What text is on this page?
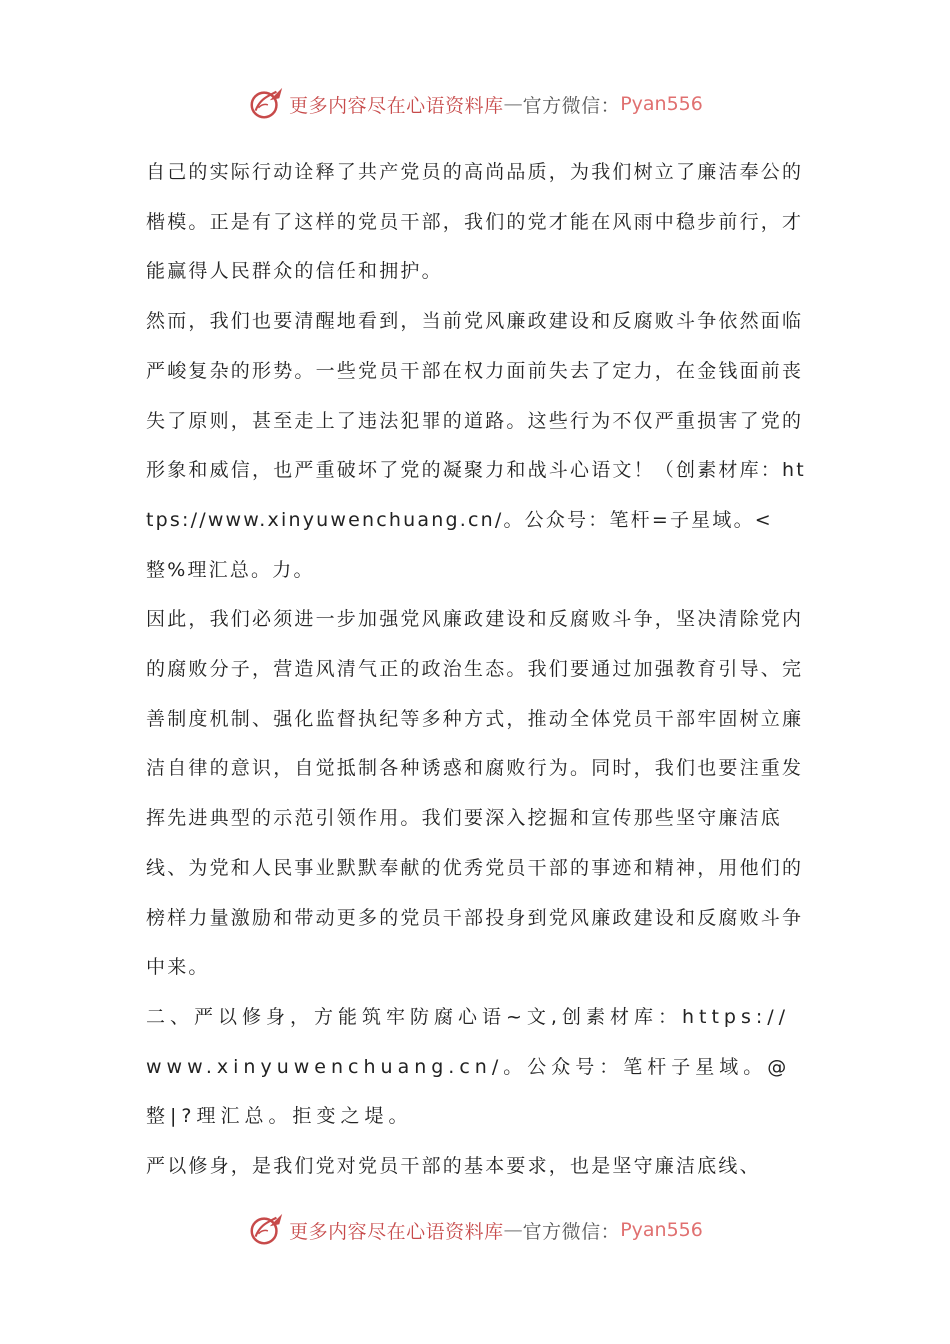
更多内容尽在心语资料库 — 官方微信： Pyan556

自己的实际行动诠释了共产党员的高尚品质，为我们树立了廉洁奉公的楷模。正是有了这样的党员干部，我们的党才能在风雨中稳步前行，才能赢得人民群众的信任和拥护。

然而，我们也要清醒地看到，当前党风廉政建设和反腐败斗争依然面临严峻复杂的形势。一些党员干部在权力面前失去了定力，在金钱面前丧失了原则，甚至走上了违法犯罪的道路。这些行为不仅严重损害了党的形象和威信，也严重破坏了党的凝聚力和战斗心语文！（创素材库：https://www.xinyuwenchuang.cn/。公众号：笔杆=子星域。<整%理汇总。力。

因此，我们必须进一步加强党风廉政建设和反腐败斗争，坚决清除党内的腐败分子，营造风清气正的政治生态。我们要通过加强教育引导、完善制度机制、强化监督执纪等多种方式，推动全体党员干部牢固树立廉洁自律的意识，自觉抵制各种诱惑和腐败行为。同时，我们也要注重发挥先进典型的示范引领作用。我们要深入挖掘和宣传那些坚守廉洁底线、为党和人民事业默默奉献的优秀党员干部的事迹和精神，用他们的榜样力量激励和带动更多的党员干部投身到党风廉政建设和反腐败斗争中来。

二、严以修身，方能筑牢防腐心语~文,创素材库：https://www.xinyuwenchuang.cn/。公众号：笔杆子星域。@整|?理汇总。拒变之堤。

严以修身，是我们党对党员干部的基本要求，也是坚守廉洁底线、

更多内容尽在心语资料库 — 官方微信： Pyan556
